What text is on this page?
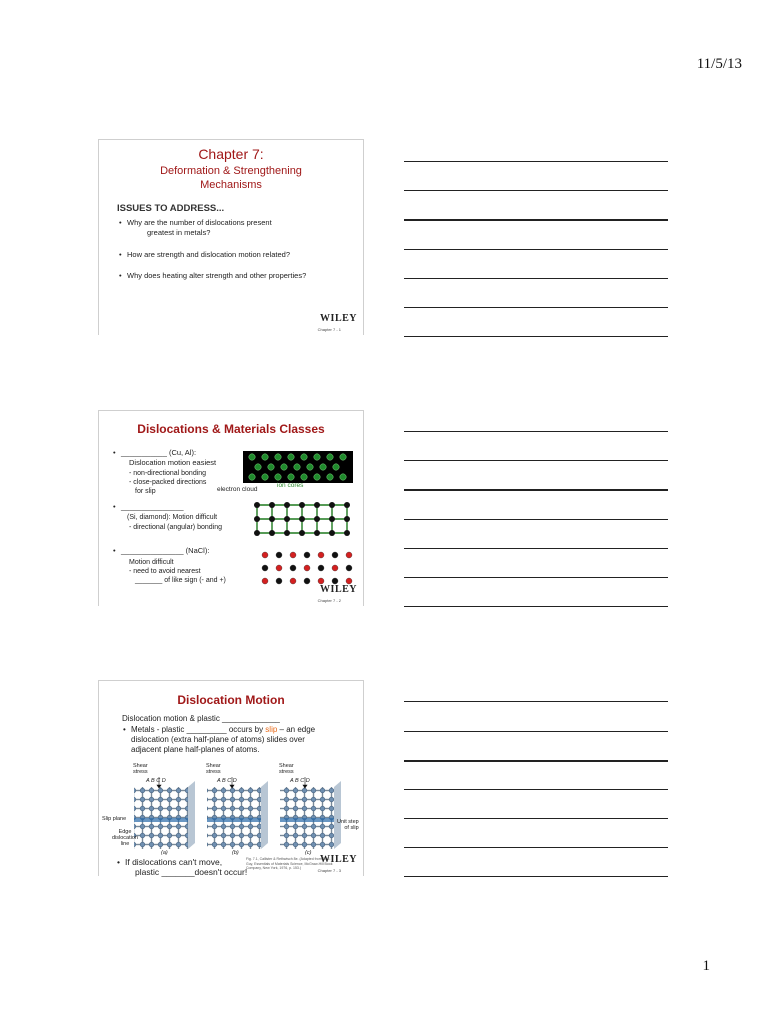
11/5/13
Chapter 7:
Deformation & Strengthening
Mechanisms
ISSUES TO ADDRESS...
• Why are the number of dislocations present
greatest in metals?
• How are strength and dislocation motion related?
• Why does heating alter strength and other properties?
WILEY
Chapter 7 - 1
Dislocations & Materials Classes
• ___________ (Cu, Al):
Dislocation motion easiest
- non-directional bonding
- close-packed directions
for slip
• _______________
(Si, diamond): Motion difficult
- directional (angular) bonding
• _______________ (NaCl):
Motion difficult
- need to avoid nearest
_______ of like sign (- and +)
electron cloud
ion cores
WILEY
Chapter 7 - 2
Dislocation Motion
Dislocation motion & plastic _____________
• Metals - plastic _________ occurs by slip – an edge
dislocation (extra half-plane of atoms) slides over
adjacent plane half-planes of atoms.
Shear
stress
Shear
stress
Shear
stress
A B C D	A B C D	A B C D
Slip plane
Edge
dislocation
line
Unit step
of slip
(a)	(b)	(c)
Fig. 7.1, Callister & Rethwisch 8e. (Adapted from A. G.
Guy, Essentials of Materials Science, McGraw-Hill Book
Company, New York, 1976, p. 153.)
• If dislocations can't move,
plastic _______doesn't occur!
WILEY
Chapter 7 - 3
1
